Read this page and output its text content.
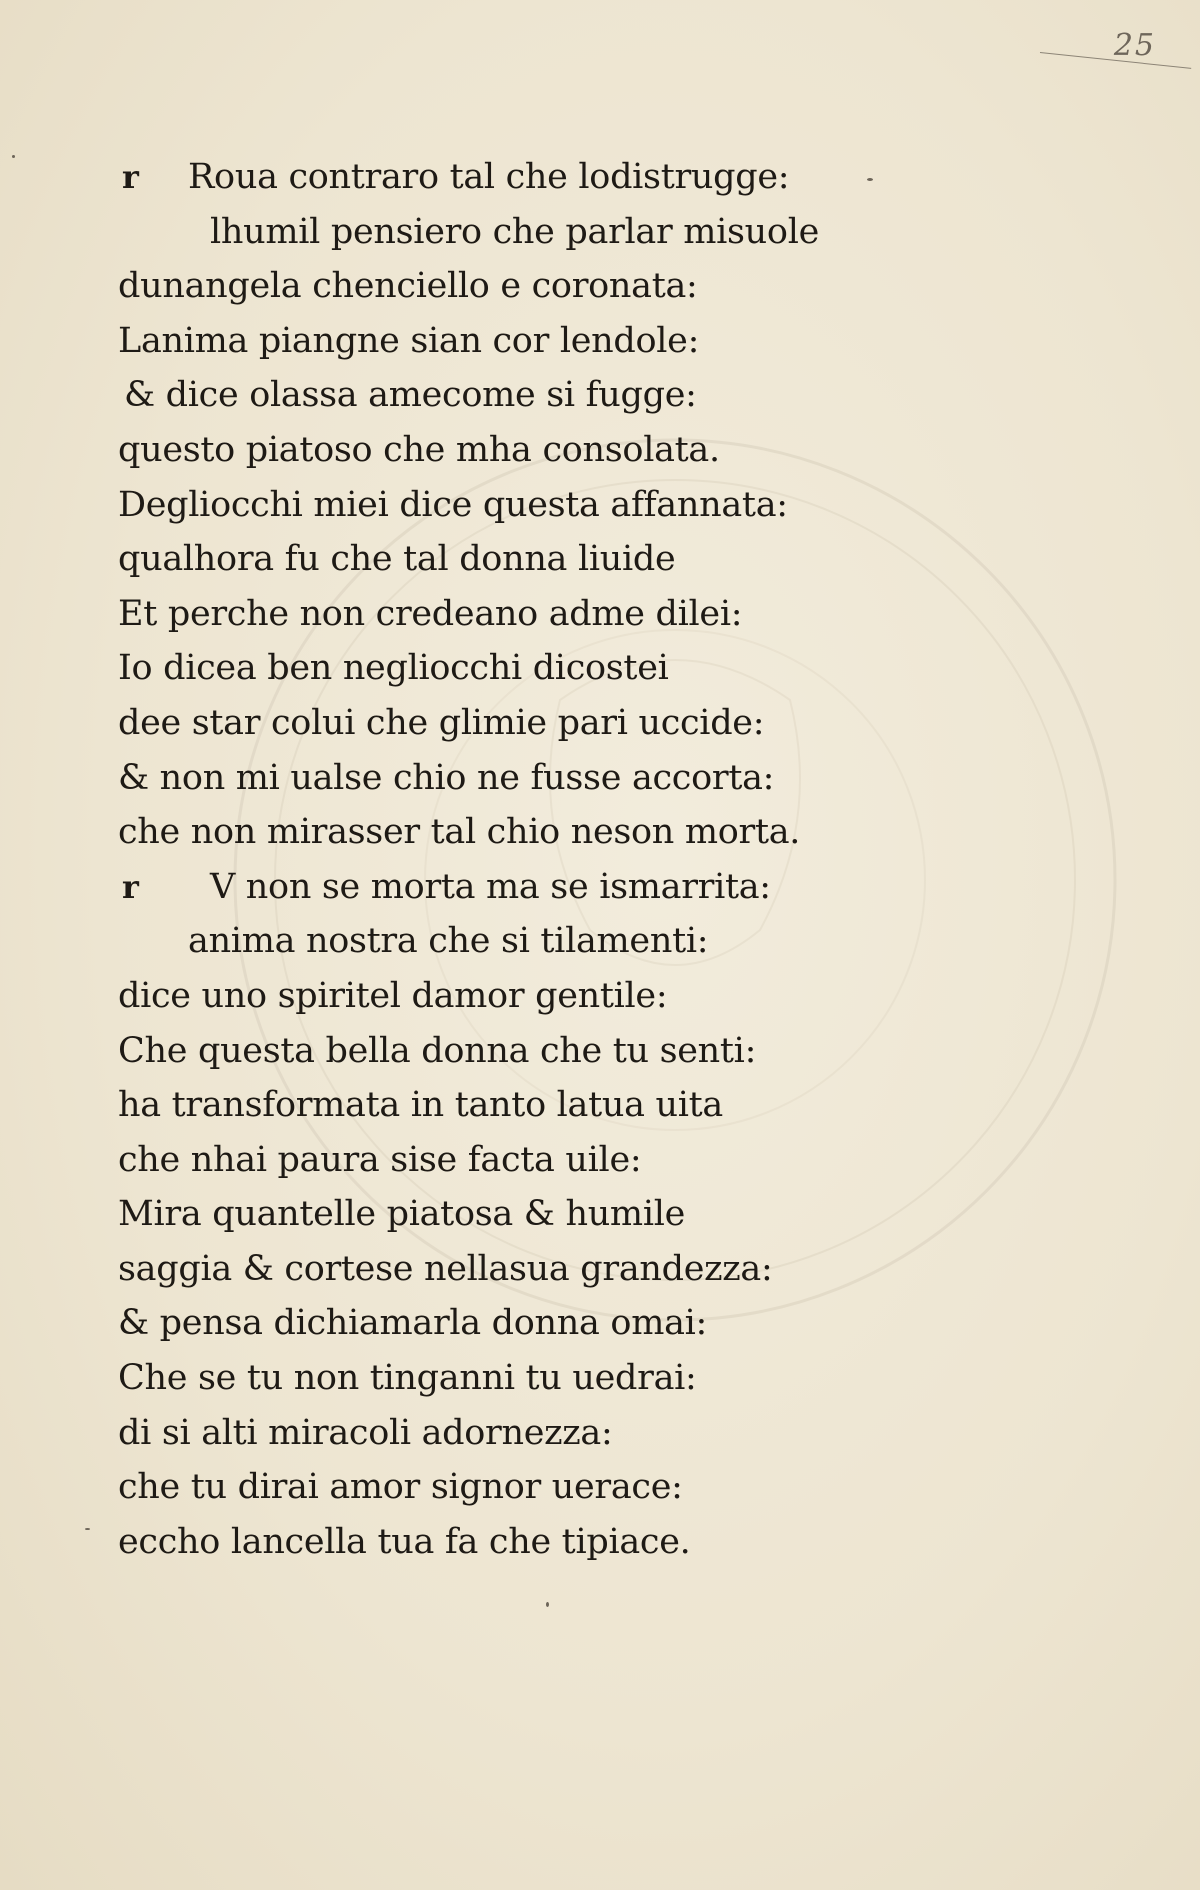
25
r Roua contraro tal che lodistrugge:
lhumil pensiero che parlar misuole
dunangela chenciello e coronata:
Lanima piangne sian cor lendole:
& dice olassa amecome si fugge:
questo piatoso che mha consolata.
Degliocchi miei dice questa affannata:
qualhora fu che tal donna liuide
Et perche non credeano adme dilei:
Io dicea ben negliocchi dicostei
dee star colui che glimie pari uccide:
& non mi ualse chio ne fusse accorta:
che non mirasser tal chio neson morta.
r V non se morta ma se ismarrita:
anima nostra che si tilamenti:
dice uno spiritel damor gentile:
Che questa bella donna che tu senti:
ha transformata in tanto latua uita
che nhai paura sise facta uile:
Mira quantelle piatosa & humile
saggia & cortese nellasua grandezza:
& pensa dichiamarla donna omai:
Che se tu non tinganni tu uedrai:
di si alti miracoli adornezza:
che tu dirai amor signor uerace:
eccho lancella tua fa che tipiace.
